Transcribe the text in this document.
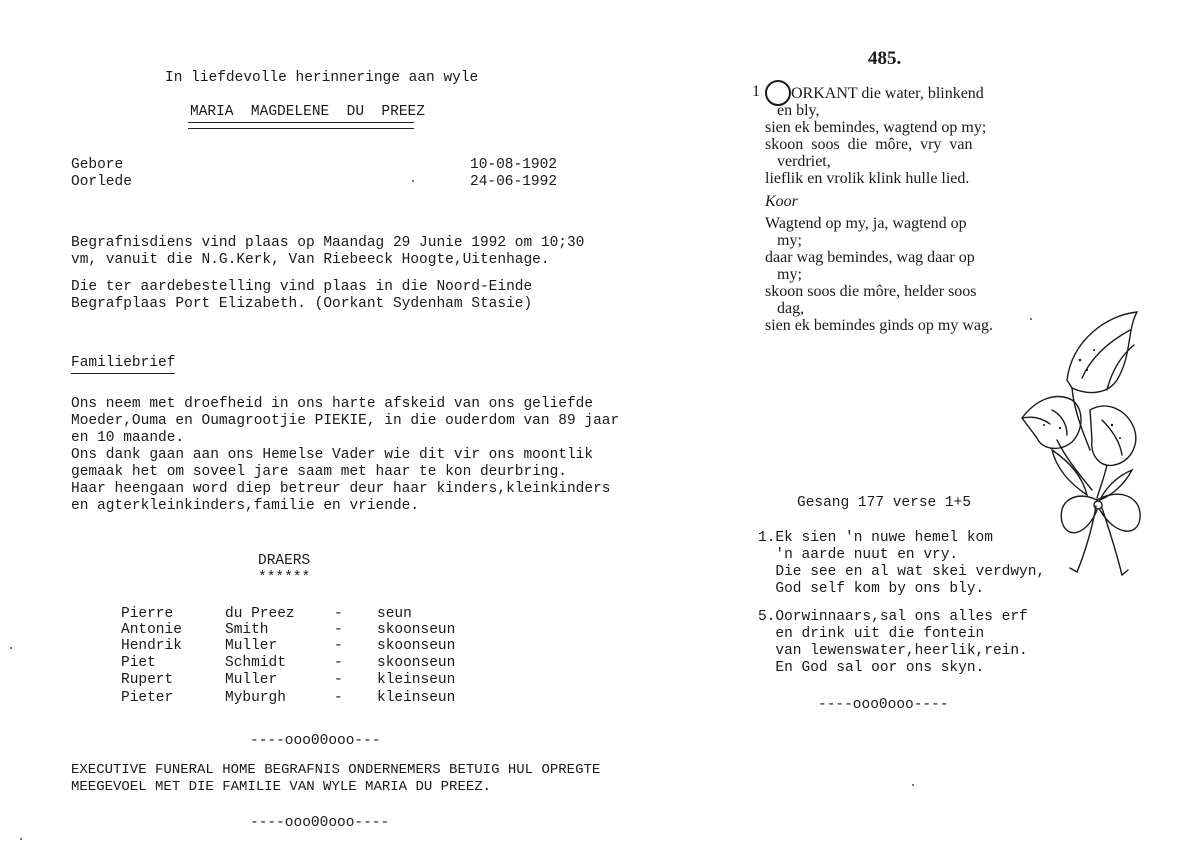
In liefdevolle herinneringe aan wyle
MARIA  MAGDELENE  DU  PREEZ
Gebore	10-08-1902
Oorlede	24-06-1992
Begrafnisdiens vind plaas op Maandag 29 Junie 1992 om 10;30
vm, vanuit die N.G.Kerk, Van Riebeeck Hoogte,Uitenhage.
Die ter aardebestelling vind plaas in die Noord-Einde
Begrafplaas Port Elizabeth. (Oorkant Sydenham Stasie)
Familiebrief
Ons neem met droefheid in ons harte afskeid van ons geliefde
Moeder,Ouma en Oumagrootjie PIEKIE, in die ouderdom van 89 jaar
en 10 maande.
Ons dank gaan aan ons Hemelse Vader wie dit vir ons moontlik
gemaak het om soveel jare saam met haar te kon deurbring.
Haar heengaan word diep betreur deur haar kinders,kleinkinders
en agterkleinkinders,familie en vriende.
DRAERS
******
Pierre	du Preez	- seun
Antonie	Smith	- skoonseun
Hendrik	Muller	- skoonseun
Piet	Schmidt	- skoonseun
Rupert	Muller	- kleinseun
Pieter	Myburgh	- kleinseun
----ooo00ooo---
EXECUTIVE FUNERAL HOME BEGRAFNIS ONDERNEMERS BETUIG HUL OPREGTE
MEEGEVOEL MET DIE FAMILIE VAN WYLE MARIA DU PREEZ.
----ooo00ooo----
485.
1	ORKANT die water, blinkend
en bly,
sien ek bemindes, wagtend op my;
skoon  soos  die  môre,  vry  van
verdriet,
lieflik en vrolik klink hulle lied.
Koor
Wagtend op my, ja, wagtend op
my;
daar wag bemindes, wag daar op
my;
skoon soos die môre, helder soos
dag,
sien ek bemindes ginds op my wag.
Gesang 177 verse 1+5
1.Ek sien 'n nuwe hemel kom
'n aarde nuut en vry.
Die see en al wat skei verdwyn,
God self kom by ons bly.
5.Oorwinnaars,sal ons alles erf
en drink uit die fontein
van lewenswater,heerlik,rein.
En God sal oor ons skyn.
----ooo0ooo----
